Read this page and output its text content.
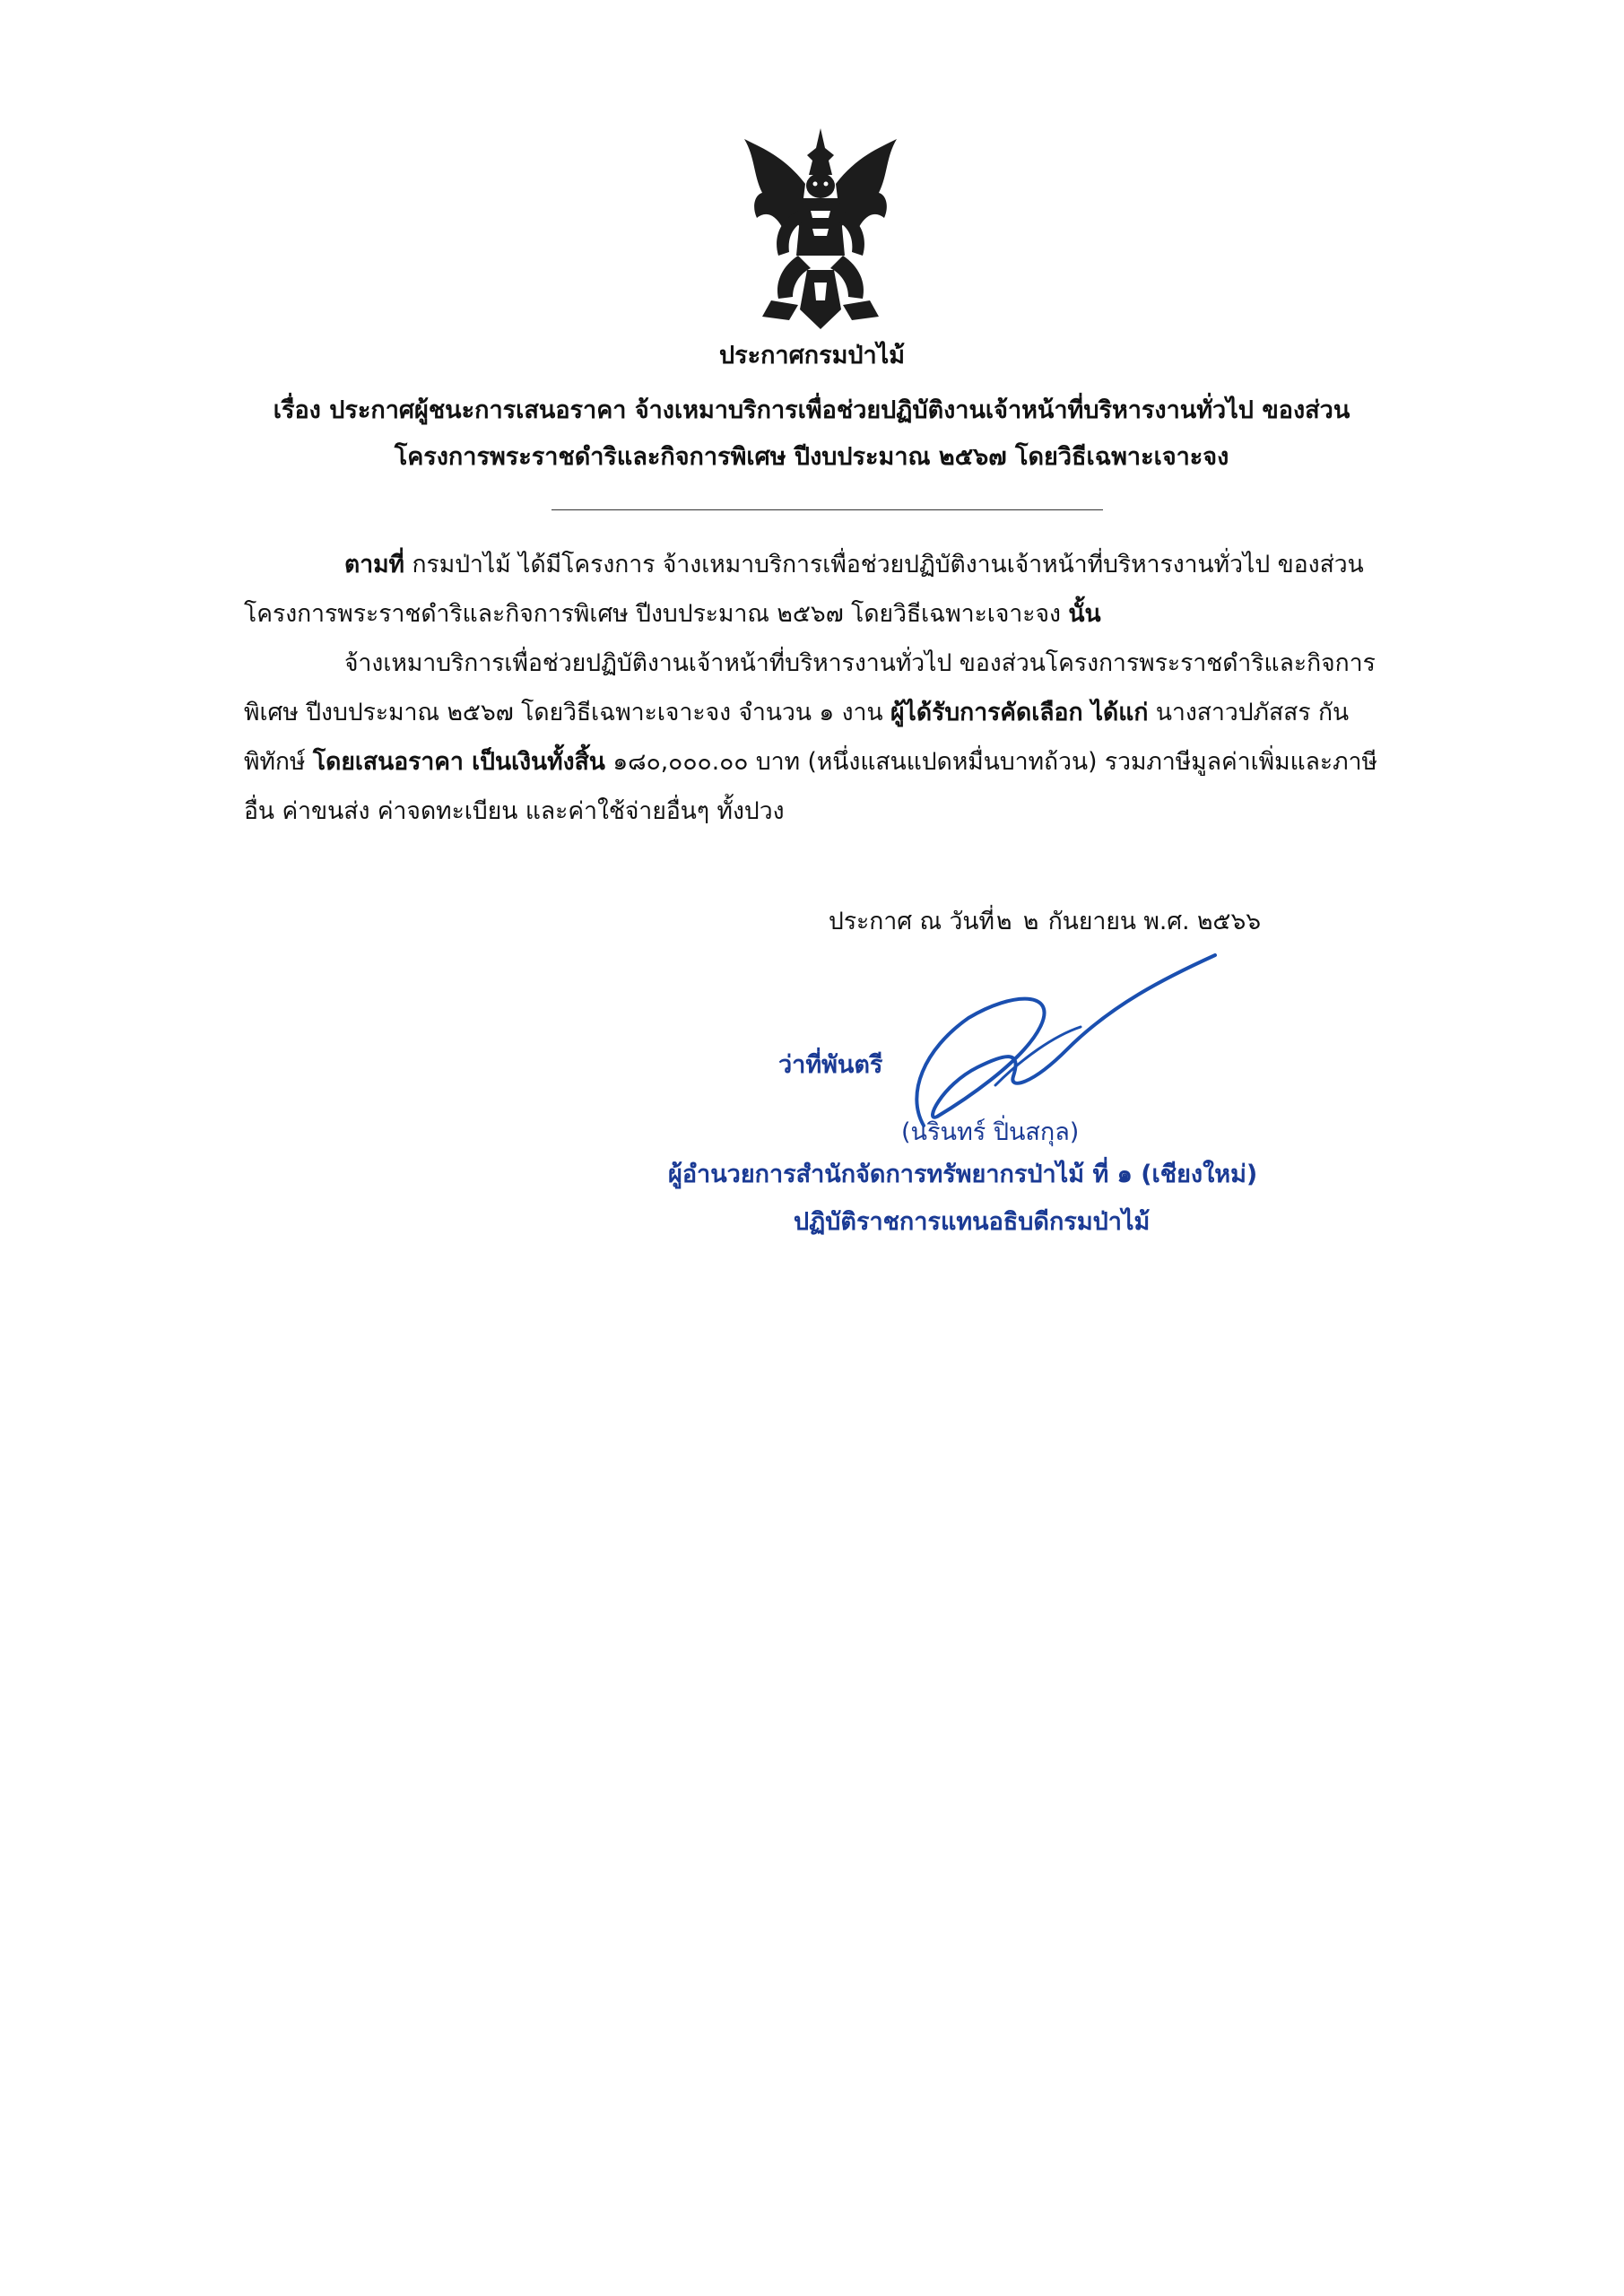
ประกาศกรมป่าไม้
เรื่อง ประกาศผู้ชนะการเสนอราคา จ้างเหมาบริการเพื่อช่วยปฏิบัติงานเจ้าหน้าที่บริหารงานทั่วไป ของส่วน
โครงการพระราชดำริและกิจการพิเศษ ปีงบประมาณ ๒๕๖๗ โดยวิธีเฉพาะเจาะจง
ตามที่ กรมป่าไม้ ได้มีโครงการ จ้างเหมาบริการเพื่อช่วยปฏิบัติงานเจ้าหน้าที่บริหารงานทั่วไป ของส่วน
โครงการพระราชดำริและกิจการพิเศษ ปีงบประมาณ ๒๕๖๗ โดยวิธีเฉพาะเจาะจง นั้น
จ้างเหมาบริการเพื่อช่วยปฏิบัติงานเจ้าหน้าที่บริหารงานทั่วไป ของส่วนโครงการพระราชดำริและกิจการ
พิเศษ ปีงบประมาณ ๒๕๖๗ โดยวิธีเฉพาะเจาะจง จำนวน ๑ งาน ผู้ได้รับการคัดเลือก ได้แก่ นางสาวปภัสสร กัน
พิทักษ์ โดยเสนอราคา เป็นเงินทั้งสิ้น ๑๘๐,๐๐๐.๐๐ บาท (หนึ่งแสนแปดหมื่นบาทถ้วน) รวมภาษีมูลค่าเพิ่มและภาษี
อื่น ค่าขนส่ง ค่าจดทะเบียน และค่าใช้จ่ายอื่นๆ ทั้งปวง
ประกาศ ณ วันที่๒ ๒ กันยายน พ.ศ. ๒๕๖๖
ว่าที่พันตรี
(นรินทร์ ปิ่นสกุล)
ผู้อำนวยการสำนักจัดการทรัพยากรป่าไม้ ที่ ๑ (เชียงใหม่)
ปฏิบัติราชการแทนอธิบดีกรมป่าไม้
